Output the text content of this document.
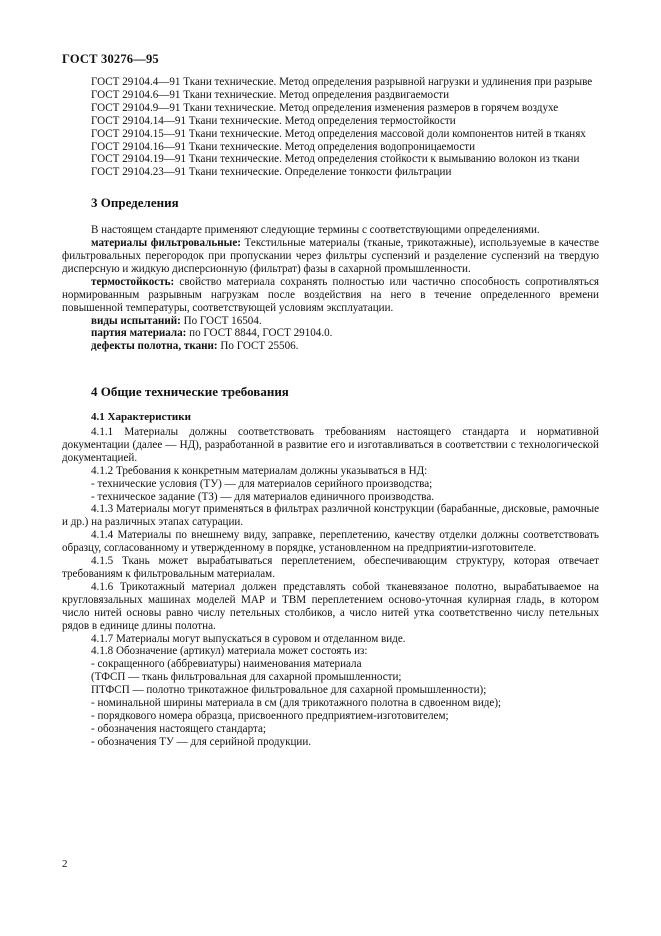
ГОСТ 30276—95

ГОСТ 29104.4—91 Ткани технические. Метод определения разрывной нагрузки и удлинения при разрыве

ГОСТ 29104.6—91 Ткани технические. Метод определения раздвигаемости

ГОСТ 29104.9—91 Ткани технические. Метод определения изменения размеров в горячем воздухе

ГОСТ 29104.14—91 Ткани технические. Метод определения термостойкости

ГОСТ 29104.15—91 Ткани технические. Метод определения массовой доли компонентов нитей в тканях

ГОСТ 29104.16—91 Ткани технические. Метод определения водопроницаемости

ГОСТ 29104.19—91 Ткани технические. Метод определения стойкости к вымыванию волокон из ткани

ГОСТ 29104.23—91 Ткани технические. Определение тонкости фильтрации

3 Определения

В настоящем стандарте применяют следующие термины с соответствующими определениями.

материалы фильтровальные: Текстильные материалы (тканые, трикотажные), используемые в качестве фильтровальных перегородок при пропускании через фильтры суспензий и разделение суспензий на твердую дисперсную и жидкую дисперсионную (фильтрат) фазы в сахарной промышленности.

термостойкость: свойство материала сохранять полностью или частично способность сопротивляться нормированным разрывным нагрузкам после воздействия на него в течение определенного времени повышенной температуры, соответствующей условиям эксплуатации.

виды испытаний: По ГОСТ 16504.

партия материала: по ГОСТ 8844, ГОСТ 29104.0.

дефекты полотна, ткани: По ГОСТ 25506.

4 Общие технические требования
4.1 Характеристики

4.1.1 Материалы должны соответствовать требованиям настоящего стандарта и нормативной документации (далее — НД), разработанной в развитие его и изготавливаться в соответствии с технологической документацией.

4.1.2 Требования к конкретным материалам должны указываться в НД:

- технические условия (ТУ) — для материалов серийного производства;

- техническое задание (ТЗ) — для материалов единичного производства.

4.1.3 Материалы могут применяться в фильтрах различной конструкции (барабанные, дисковые, рамочные и др.) на различных этапах сатурации.

4.1.4 Материалы по внешнему виду, заправке, переплетению, качеству отделки должны соответствовать образцу, согласованному и утвержденному в порядке, установленном на предприятии-изготовителе.

4.1.5 Ткань может вырабатываться переплетением, обеспечивающим структуру, которая отвечает требованиям к фильтровальным материалам.

4.1.6 Трикотажный материал должен представлять собой тканевязаное полотно, вырабатываемое на кругловязальных машинах моделей МАР и ТВМ переплетением осново-уточная кулирная гладь, в котором число нитей основы равно числу петельных столбиков, а число нитей утка соответственно числу петельных рядов в единице длины полотна.

4.1.7 Материалы могут выпускаться в суровом и отделанном виде.

4.1.8 Обозначение (артикул) материала может состоять из:

- сокращенного (аббревиатуры) наименования материала

(ТФСП — ткань фильтровальная для сахарной промышленности;

ПТФСП — полотно трикотажное фильтровальное для сахарной промышленности);

- номинальной ширины материала в см (для трикотажного полотна в сдвоенном виде);

- порядкового номера образца, присвоенного предприятием-изготовителем;

- обозначения настоящего стандарта;

- обозначения ТУ — для серийной продукции.

2
